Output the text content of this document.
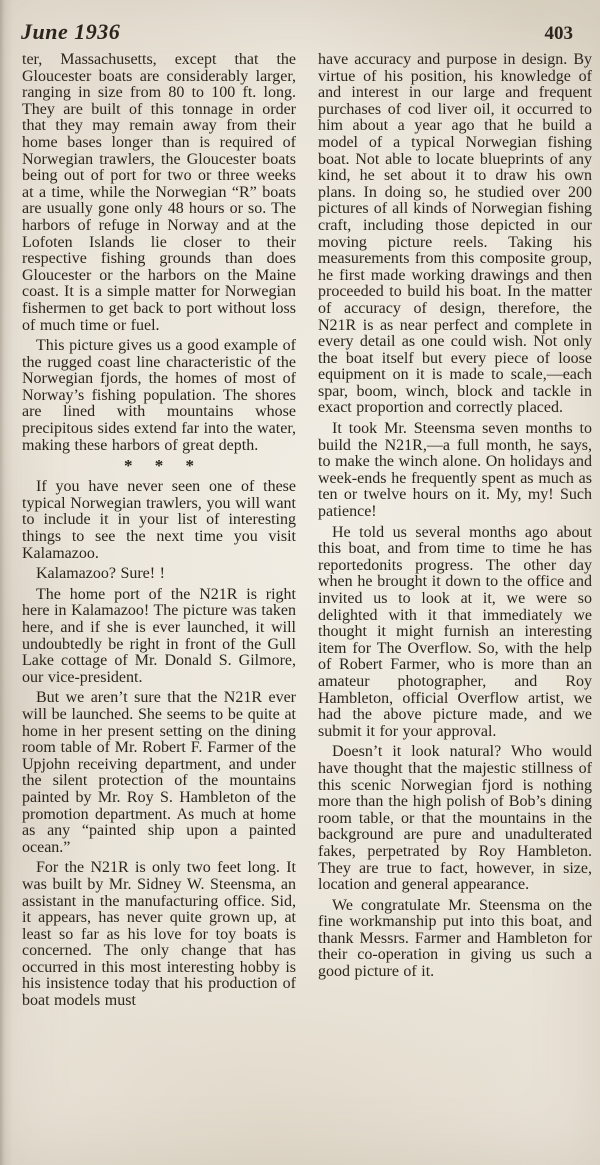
June 1936	403

ter, Massachusetts, except that the Gloucester boats are considerably larger, ranging in size from 80 to 100 ft. long. They are built of this tonnage in order that they may remain away from their home bases longer than is required of Norwegian trawlers, the Gloucester boats being out of port for two or three weeks at a time, while the Norwegian “R” boats are usually gone only 48 hours or so. The harbors of refuge in Norway and at the Lofoten Islands lie closer to their respective fishing grounds than does Gloucester or the harbors on the Maine coast. It is a simple matter for Norwegian fishermen to get back to port without loss of much time or fuel.

This picture gives us a good example of the rugged coast line characteristic of the Norwegian fjords, the homes of most of Norway’s fishing population. The shores are lined with mountains whose precipitous sides extend far into the water, making these harbors of great depth.

* * *

If you have never seen one of these typical Norwegian trawlers, you will want to include it in your list of interesting things to see the next time you visit Kalamazoo.

Kalamazoo? Sure! !

The home port of the N21R is right here in Kalamazoo! The picture was taken here, and if she is ever launched, it will undoubtedly be right in front of the Gull Lake cottage of Mr. Donald S. Gilmore, our vice-president.

But we aren’t sure that the N21R ever will be launched. She seems to be quite at home in her present setting on the dining room table of Mr. Robert F. Farmer of the Upjohn receiving department, and under the silent protection of the mountains painted by Mr. Roy S. Hambleton of the promotion department. As much at home as any “painted ship upon a painted ocean.”

For the N21R is only two feet long. It was built by Mr. Sidney W. Steensma, an assistant in the manufacturing office. Sid, it appears, has never quite grown up, at least so far as his love for toy boats is concerned. The only change that has occurred in this most interesting hobby is his insistence today that his production of boat models must

have accuracy and purpose in design. By virtue of his position, his knowledge of and interest in our large and frequent purchases of cod liver oil, it occurred to him about a year ago that he build a model of a typical Norwegian fishing boat. Not able to locate blueprints of any kind, he set about it to draw his own plans. In doing so, he studied over 200 pictures of all kinds of Norwegian fishing craft, including those depicted in our moving picture reels. Taking his measurements from this composite group, he first made working drawings and then proceeded to build his boat. In the matter of accuracy of design, therefore, the N21R is as near perfect and complete in every detail as one could wish. Not only the boat itself but every piece of loose equipment on it is made to scale,—each spar, boom, winch, block and tackle in exact proportion and correctly placed.

It took Mr. Steensma seven months to build the N21R,—a full month, he says, to make the winch alone. On holidays and week-ends he frequently spent as much as ten or twelve hours on it. My, my! Such patience!

He told us several months ago about this boat, and from time to time he has reportedonits progress. The other day when he brought it down to the office and invited us to look at it, we were so delighted with it that immediately we thought it might furnish an interesting item for The Overflow. So, with the help of Robert Farmer, who is more than an amateur photographer, and Roy Hambleton, official Overflow artist, we had the above picture made, and we submit it for your approval.

Doesn’t it look natural? Who would have thought that the majestic stillness of this scenic Norwegian fjord is nothing more than the high polish of Bob’s dining room table, or that the mountains in the background are pure and unadulterated fakes, perpetrated by Roy Hambleton. They are true to fact, however, in size, location and general appearance.

We congratulate Mr. Steensma on the fine workmanship put into this boat, and thank Messrs. Farmer and Hambleton for their co-operation in giving us such a good picture of it.
